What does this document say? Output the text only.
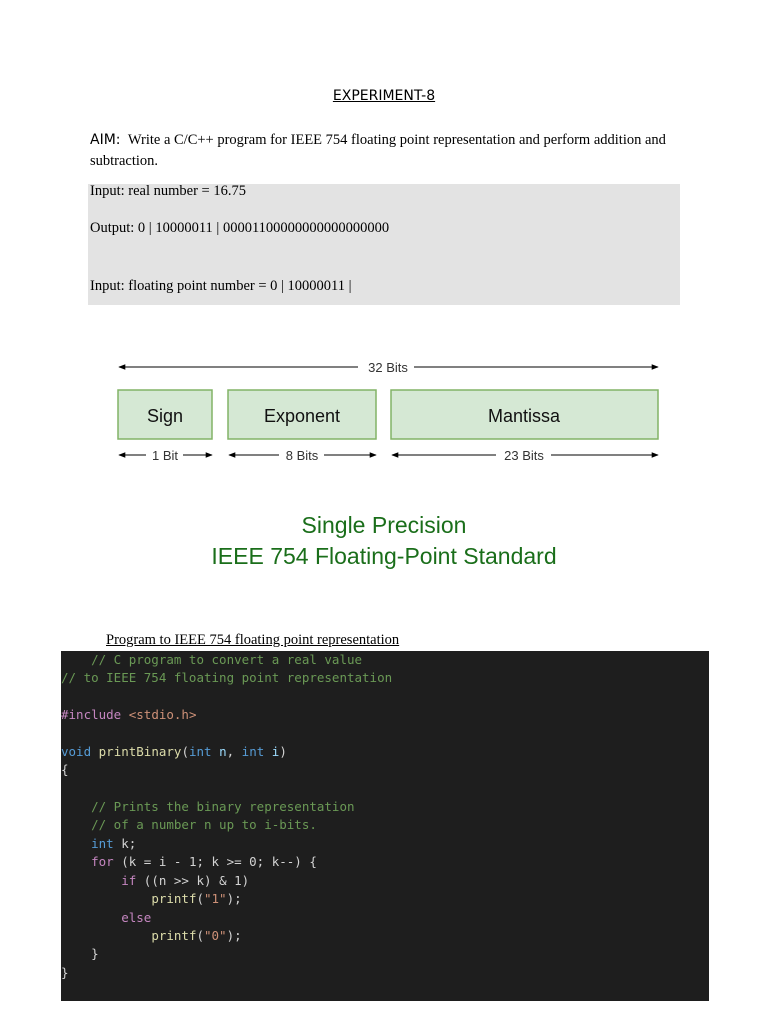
EXPERIMENT-8
AIM: Write a C/C++ program for IEEE 754 floating point representation and perform addition and subtraction.
Input: real number = 16.75
Output: 0 | 10000011 | 00001100000000000000000
Input: floating point number = 0 | 10000011 |
32 Bits
Sign	Exponent	Mantissa
1 Bit	8 Bits	23 Bits
Single Precision
IEEE 754 Floating-Point Standard
Program to IEEE 754 floating point representation
// C program to convert a real value
// to IEEE 754 floating point representation
#include <stdio.h>
void printBinary(int n, int i)
{
// Prints the binary representation
// of a number n up to i-bits.
int k;
for (k = i - 1; k >= 0; k--) {
if ((n >> k) & 1)
printf("1");
else
printf("0");
}
}
